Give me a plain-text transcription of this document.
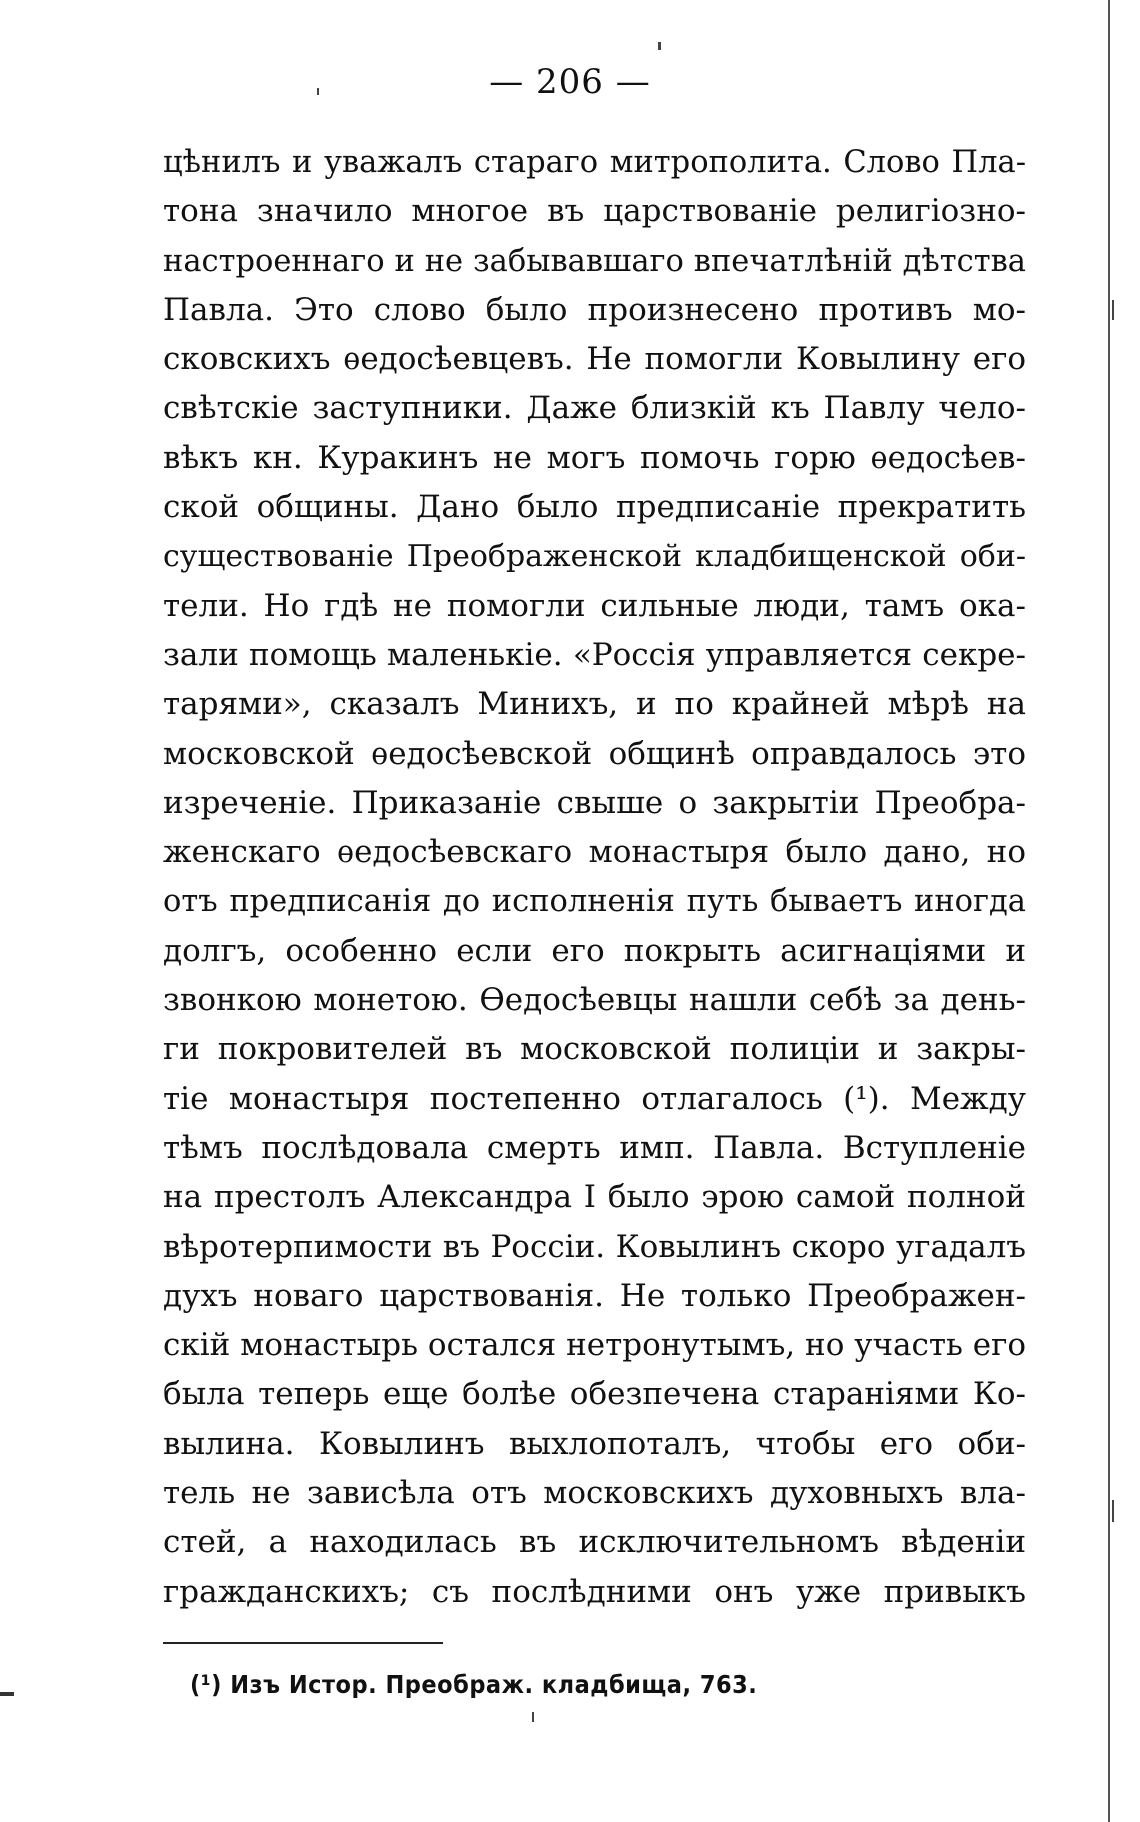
— 206 —
цѣнилъ и уважалъ стараго митрополита. Слово Пла-
тона значило многое въ царствованіе религіозно-
настроеннаго и не забывавшаго впечатлѣній дѣтства
Павла. Это слово было произнесено противъ мо-
сковскихъ ѳедосѣевцевъ. Не помогли Ковылину его
свѣтскіе заступники. Даже близкій къ Павлу чело-
вѣкъ кн. Куракинъ не могъ помочь горю ѳедосѣев-
ской общины. Дано было предписаніе прекратить
существованіе Преображенской кладбищенской оби-
тели. Но гдѣ не помогли сильные люди, тамъ ока-
зали помощь маленькіе. «Россія управляется секре-
тарями», сказалъ Минихъ, и по крайней мѣрѣ на
московской ѳедосѣевской общинѣ оправдалось это
изреченіе. Приказаніе свыше о закрытіи Преобра-
женскаго ѳедосѣевскаго монастыря было дано, но
отъ предписанія до исполненія путь бываетъ иногда
долгъ, особенно если его покрыть асигнаціями и
звонкою монетою. Ѳедосѣевцы нашли себѣ за день-
ги покровителей въ московской полиціи и закры-
тіе монастыря постепенно отлагалось (¹). Между
тѣмъ послѣдовала смерть имп. Павла. Вступленіе
на престолъ Александра I было эрою самой полной
вѣротерпимости въ Россіи. Ковылинъ скоро угадалъ
духъ новаго царствованія. Не только Преображен-
скій монастырь остался нетронутымъ, но участь его
была теперь еще болѣе обезпечена стараніями Ко-
вылина. Ковылинъ выхлопоталъ, чтобы его оби-
тель не зависѣла отъ московскихъ духовныхъ вла-
стей, а находилась въ исключительномъ вѣденіи
гражданскихъ; съ послѣдними онъ уже привыкъ
(¹) Изъ Истор. Преображ. кладбища, 763.
